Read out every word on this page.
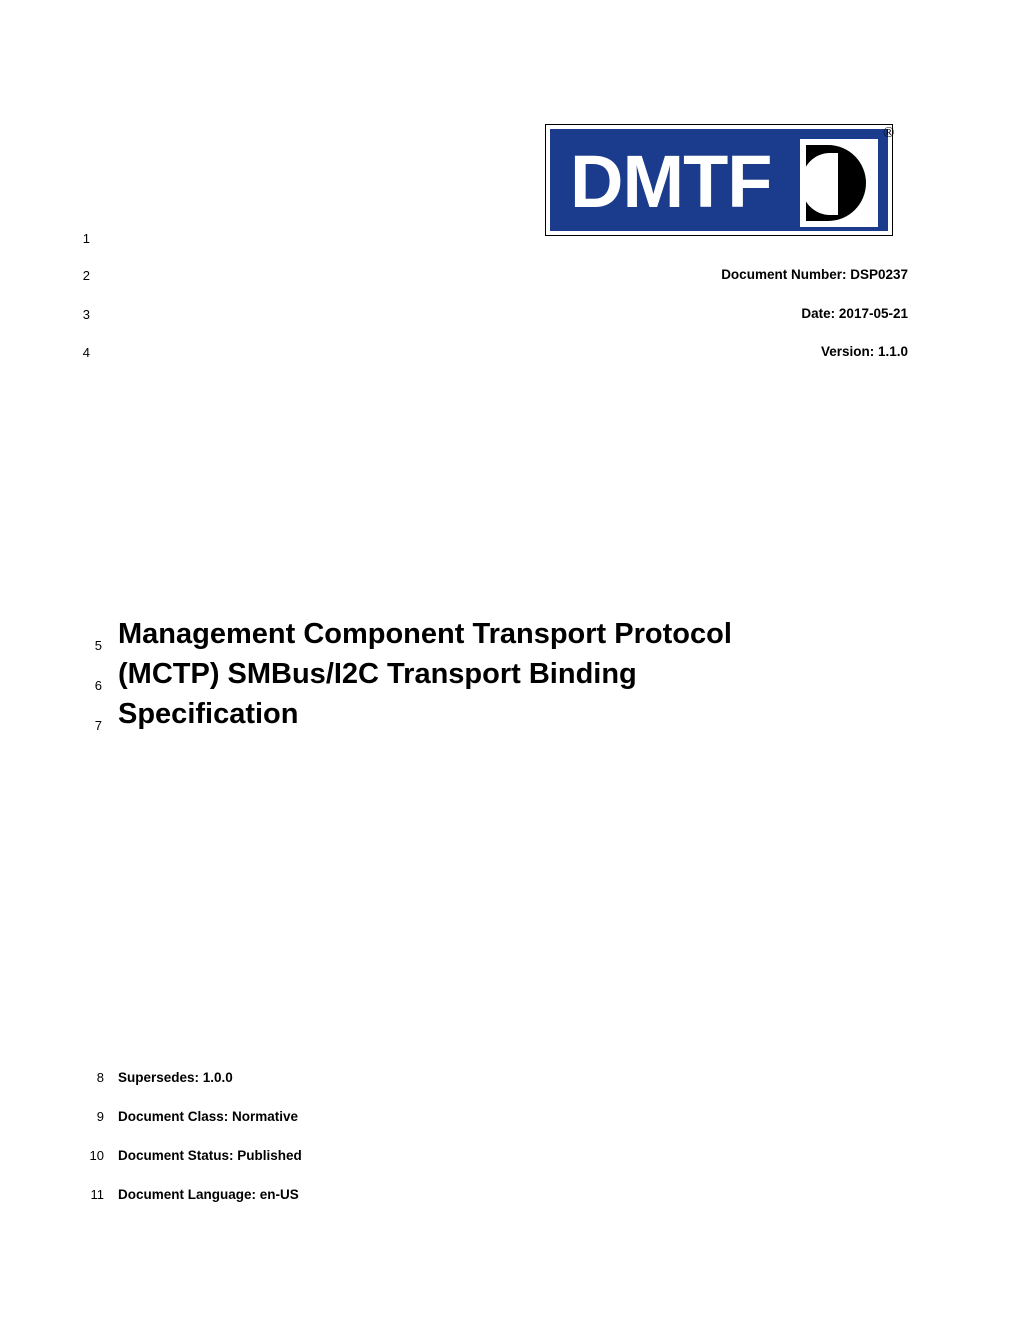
DMTF
®
1
2	Document Number: DSP0237
3	Date: 2017-05-21
4	Version: 1.1.0
5 Management Component Transport Protocol
6 (MCTP) SMBus/I2C Transport Binding
7 Specification
8 Supersedes: 1.0.0
9 Document Class: Normative
10 Document Status: Published
11 Document Language: en-US
